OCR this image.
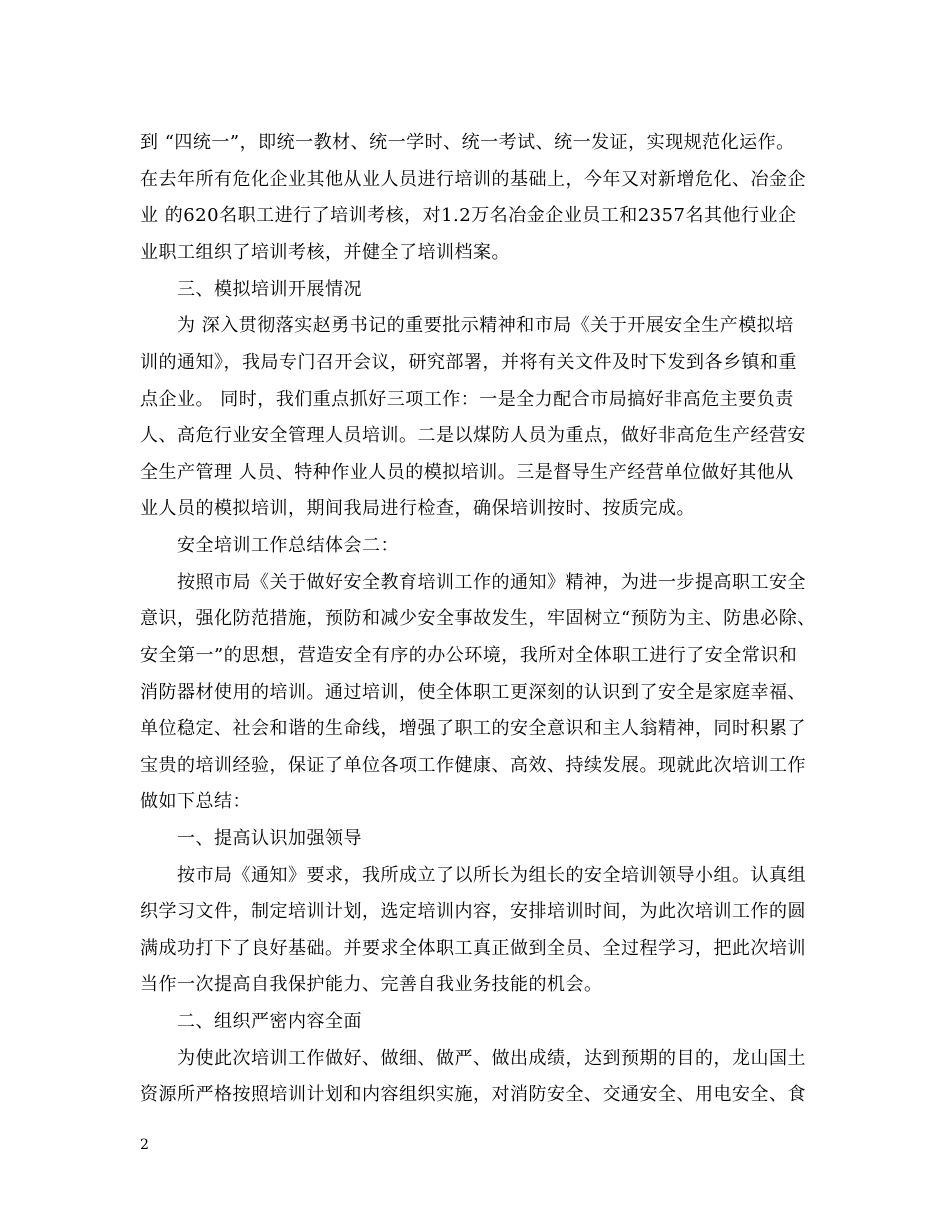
到 “四统一”，即统一教材、统一学时、统一考试、统一发证，实现规范化运作。
在去年所有危化企业其他从业人员进行培训的基础上，今年又对新增危化、冶金企
业 的620名职工进行了培训考核，对1.2万名冶金企业员工和2357名其他行业企
业职工组织了培训考核，并健全了培训档案。
三、模拟培训开展情况
为 深入贯彻落实赵勇书记的重要批示精神和市局《关于开展安全生产模拟培
训的通知》，我局专门召开会议，研究部署，并将有关文件及时下发到各乡镇和重
点企业。 同时，我们重点抓好三项工作：一是全力配合市局搞好非高危主要负责
人、高危行业安全管理人员培训。二是以煤防人员为重点，做好非高危生产经营安
全生产管理 人员、特种作业人员的模拟培训。三是督导生产经营单位做好其他从
业人员的模拟培训，期间我局进行检查，确保培训按时、按质完成。
安全培训工作总结体会二：
按照市局《关于做好安全教育培训工作的通知》精神，为进一步提高职工安全
意识，强化防范措施，预防和减少安全事故发生，牢固树立“预防为主、防患必除、
安全第一”的思想，营造安全有序的办公环境，我所对全体职工进行了安全常识和
消防器材使用的培训。通过培训，使全体职工更深刻的认识到了安全是家庭幸福、
单位稳定、社会和谐的生命线，增强了职工的安全意识和主人翁精神，同时积累了
宝贵的培训经验，保证了单位各项工作健康、高效、持续发展。现就此次培训工作
做如下总结：
一、提高认识加强领导
按市局《通知》要求，我所成立了以所长为组长的安全培训领导小组。认真组
织学习文件，制定培训计划，选定培训内容，安排培训时间，为此次培训工作的圆
满成功打下了良好基础。并要求全体职工真正做到全员、全过程学习，把此次培训
当作一次提高自我保护能力、完善自我业务技能的机会。
二、组织严密内容全面
为使此次培训工作做好、做细、做严、做出成绩，达到预期的目的，龙山国土
资源所严格按照培训计划和内容组织实施，对消防安全、交通安全、用电安全、食
2
